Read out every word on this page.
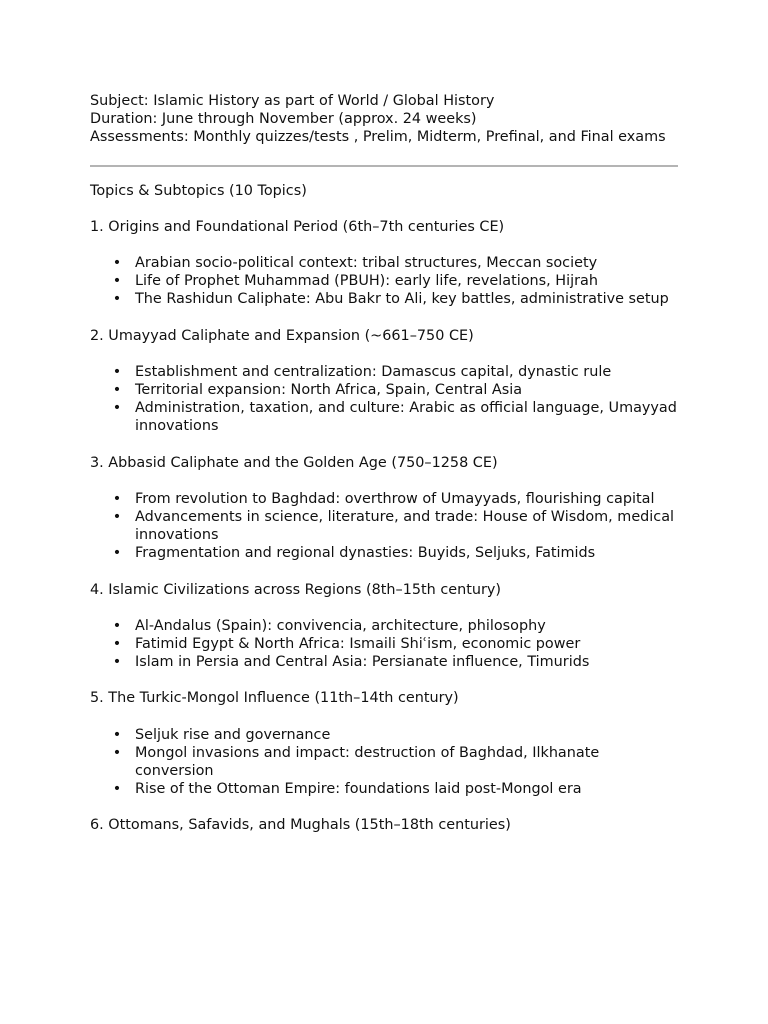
Subject: Islamic History as part of World / Global History

Duration: June through November (approx. 24 weeks)

Assessments: Monthly quizzes/tests , Prelim, Midterm, Prefinal, and Final exams

Topics & Subtopics (10 Topics)

1. Origins and Foundational Period (6th–7th centuries CE)

• Arabian socio-political context: tribal structures, Meccan society
• Life of Prophet Muhammad (PBUH): early life, revelations, Hijrah
• The Rashidun Caliphate: Abu Bakr to Ali, key battles, administrative setup

2. Umayyad Caliphate and Expansion (~661–750 CE)

• Establishment and centralization: Damascus capital, dynastic rule
• Territorial expansion: North Africa, Spain, Central Asia
• Administration, taxation, and culture: Arabic as official language, Umayyad innovations

3. Abbasid Caliphate and the Golden Age (750–1258 CE)

• From revolution to Baghdad: overthrow of Umayyads, flourishing capital
• Advancements in science, literature, and trade: House of Wisdom, medical innovations
• Fragmentation and regional dynasties: Buyids, Seljuks, Fatimids

4. Islamic Civilizations across Regions (8th–15th century)

• Al-Andalus (Spain): convivencia, architecture, philosophy
• Fatimid Egypt & North Africa: Ismaili Shiʿism, economic power
• Islam in Persia and Central Asia: Persianate influence, Timurids

5. The Turkic-Mongol Influence (11th–14th century)

• Seljuk rise and governance
• Mongol invasions and impact: destruction of Baghdad, Ilkhanate conversion
• Rise of the Ottoman Empire: foundations laid post-Mongol era

6. Ottomans, Safavids, and Mughals (15th–18th centuries)
